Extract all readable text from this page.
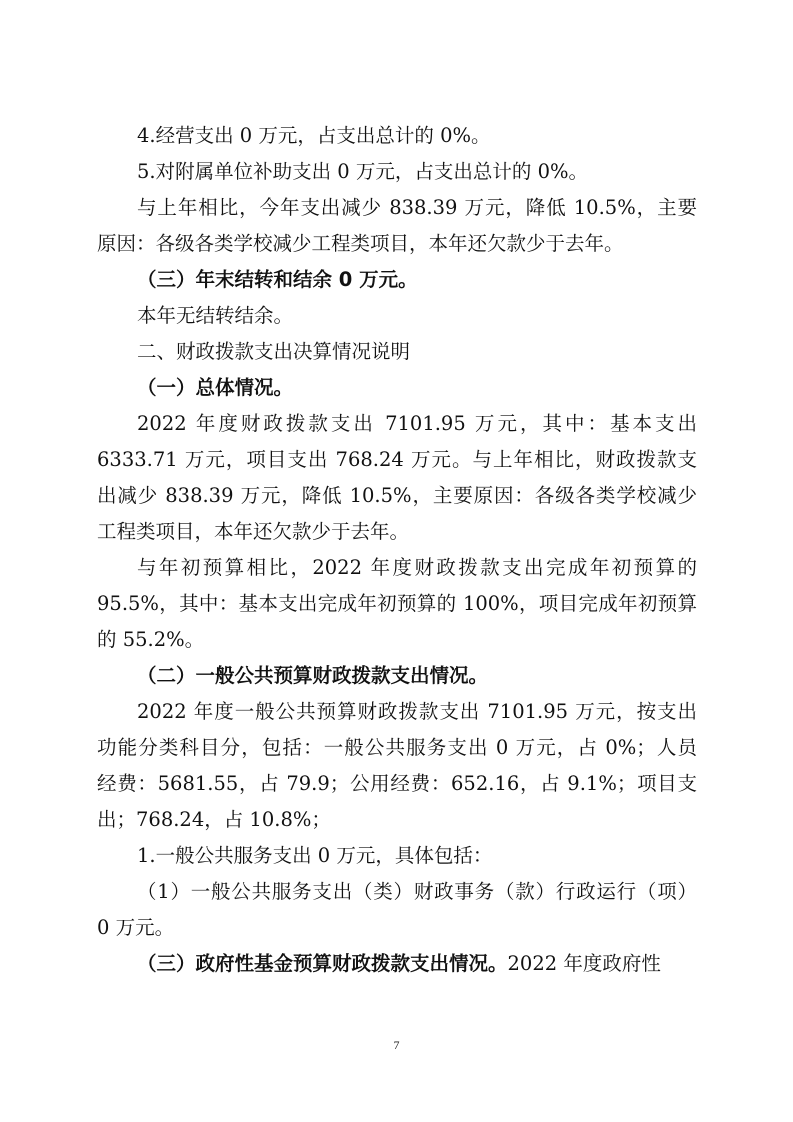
4.经营支出 0 万元，占支出总计的 0%。
5.对附属单位补助支出 0 万元，占支出总计的 0%。
与上年相比，今年支出减少 838.39 万元，降低 10.5%，主要
原因：各级各类学校减少工程类项目，本年还欠款少于去年。
（三）年末结转和结余 0 万元。
本年无结转结余。
二、财政拨款支出决算情况说明
（一）总体情况。
2022 年度财政拨款支出 7101.95 万元，其中：基本支出
6333.71 万元，项目支出 768.24 万元。与上年相比，财政拨款支
出减少 838.39 万元，降低 10.5%，主要原因：各级各类学校减少
工程类项目，本年还欠款少于去年。
与年初预算相比，2022 年度财政拨款支出完成年初预算的
95.5%，其中：基本支出完成年初预算的 100%，项目完成年初预算
的 55.2%。
（二）一般公共预算财政拨款支出情况。
2022 年度一般公共预算财政拨款支出 7101.95 万元，按支出
功能分类科目分，包括：一般公共服务支出 0 万元，占 0%；人员
经费：5681.55，占 79.9；公用经费：652.16，占 9.1%；项目支
出；768.24，占 10.8%；
1.一般公共服务支出 0 万元，具体包括：
（1）一般公共服务支出（类）财政事务（款）行政运行（项）
0 万元。
（三）政府性基金预算财政拨款支出情况。2022 年度政府性
7
